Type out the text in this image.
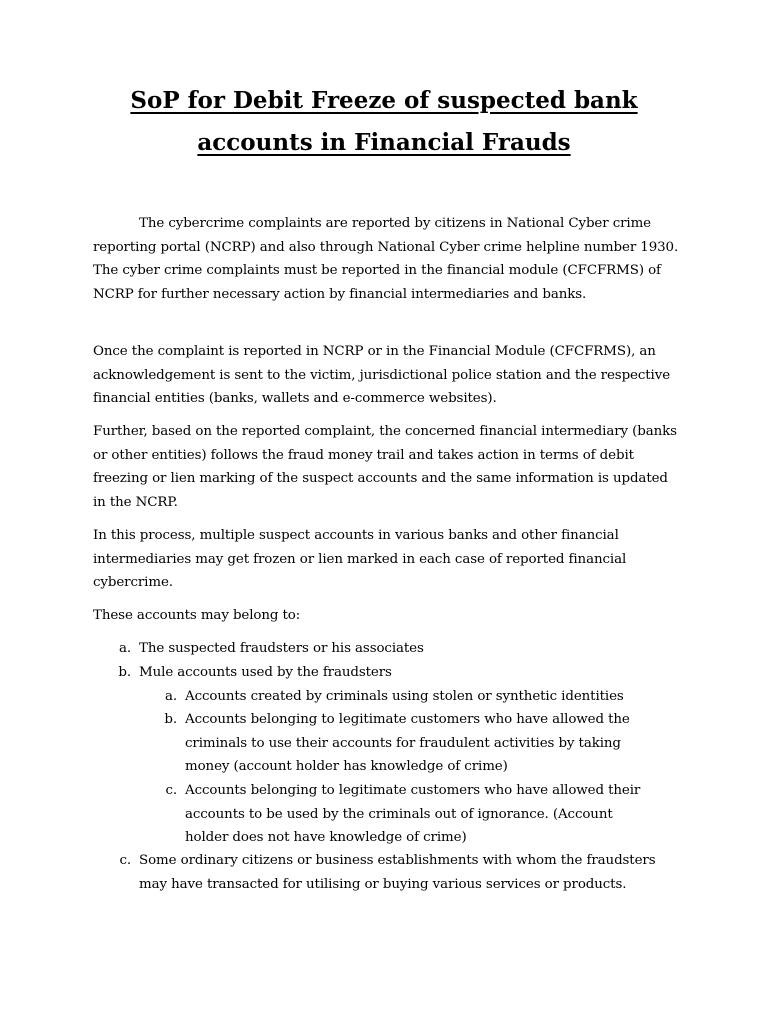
SoP for Debit Freeze of suspected bank
accounts in Financial Frauds

The cybercrime complaints are reported by citizens in National Cyber crime reporting portal (NCRP) and also through National Cyber crime helpline number 1930. The cyber crime complaints must be reported in the financial module (CFCFRMS) of NCRP for further necessary action by financial intermediaries and banks.

Once the complaint is reported in NCRP or in the Financial Module (CFCFRMS), an acknowledgement is sent to the victim, jurisdictional police station and the respective financial entities (banks, wallets and e-commerce websites).

Further, based on the reported complaint, the concerned financial intermediary (banks or other entities) follows the fraud money trail and takes action in terms of debit freezing or lien marking of the suspect accounts and the same information is updated in the NCRP.

In this process, multiple suspect accounts in various banks and other financial intermediaries may get frozen or lien marked in each case of reported financial cybercrime.

These accounts may belong to:

a. The suspected fraudsters or his associates
b. Mule accounts used by the fraudsters
a. Accounts created by criminals using stolen or synthetic identities
b. Accounts belonging to legitimate customers who have allowed the criminals to use their accounts for fraudulent activities by taking money (account holder has knowledge of crime)
c. Accounts belonging to legitimate customers who have allowed their accounts to be used by the criminals out of ignorance. (Account holder does not have knowledge of crime)
c. Some ordinary citizens or business establishments with whom the fraudsters may have transacted for utilising or buying various services or products.
